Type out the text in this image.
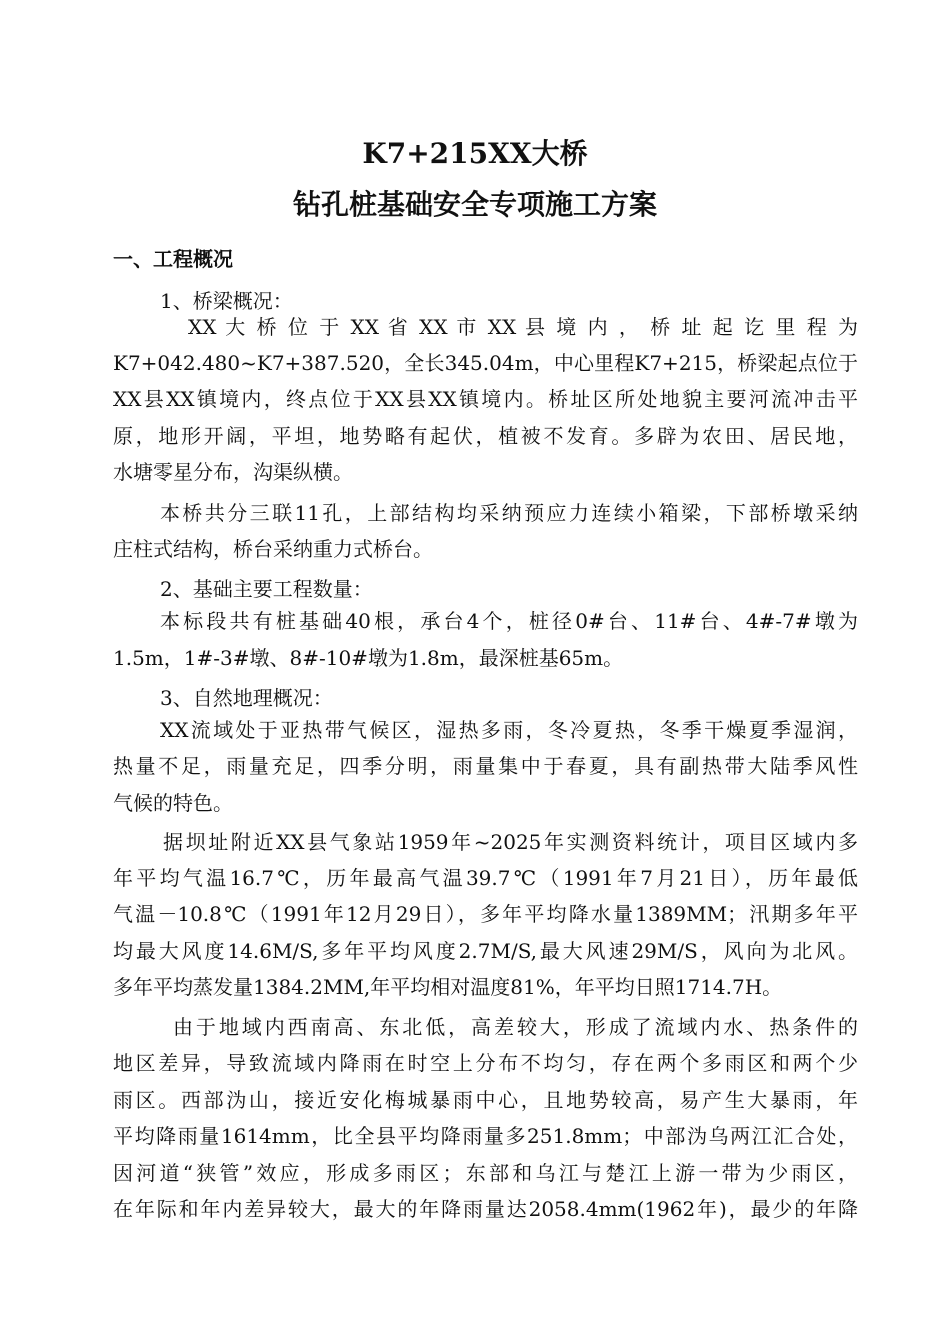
K7+215XX大桥
钻孔桩基础安全专项施工方案
一、工程概况
1、桥梁概况：
XX 大 桥 位 于 XX 省 XX 市 XX 县 境 内 ， 桥 址 起 讫 里 程 为
K7+042.480~K7+387.520，全长345.04m，中心里程K7+215，桥梁起点位于
XX县XX镇境内，终点位于XX县XX镇境内。桥址区所处地貌主要河流冲击平
原，地形开阔，平坦，地势略有起伏，植被不发育。多辟为农田、居民地，
水塘零星分布，沟渠纵横。
本桥共分三联11孔，上部结构均采纳预应力连续小箱梁，下部桥墩采纳
庄柱式结构，桥台采纳重力式桥台。
2、基础主要工程数量：
本标段共有桩基础40根，承台4个，桩径0#台、11#台、4#-7#墩为
1.5m，1#-3#墩、8#-10#墩为1.8m，最深桩基65m。
3、自然地理概况：
XX流域处于亚热带气候区，湿热多雨，冬冷夏热，冬季干燥夏季湿润，
热量不足，雨量充足，四季分明，雨量集中于春夏，具有副热带大陆季风性
气候的特色。
据坝址附近XX县气象站1959年~2025年实测资料统计，项目区域内多
年平均气温16.7℃，历年最高气温39.7℃（1991年7月21日），历年最低
气温－10.8℃（1991年12月29日），多年平均降水量1389MM；汛期多年平
均最大风度14.6M/S,多年平均风度2.7M/S,最大风速29M/S，风向为北风。
多年平均蒸发量1384.2MM,年平均相对温度81%，年平均日照1714.7H。
由于地域内西南高、东北低，高差较大，形成了流域内水、热条件的
地区差异，导致流域内降雨在时空上分布不均匀，存在两个多雨区和两个少
雨区。西部沩山，接近安化梅城暴雨中心，且地势较高，易产生大暴雨，年
平均降雨量1614mm，比全县平均降雨量多251.8mm；中部沩乌两江汇合处，
因河道“狭管”效应，形成多雨区；东部和乌江与楚江上游一带为少雨区，
在年际和年内差异较大，最大的年降雨量达2058.4mm(1962年)，最少的年降
